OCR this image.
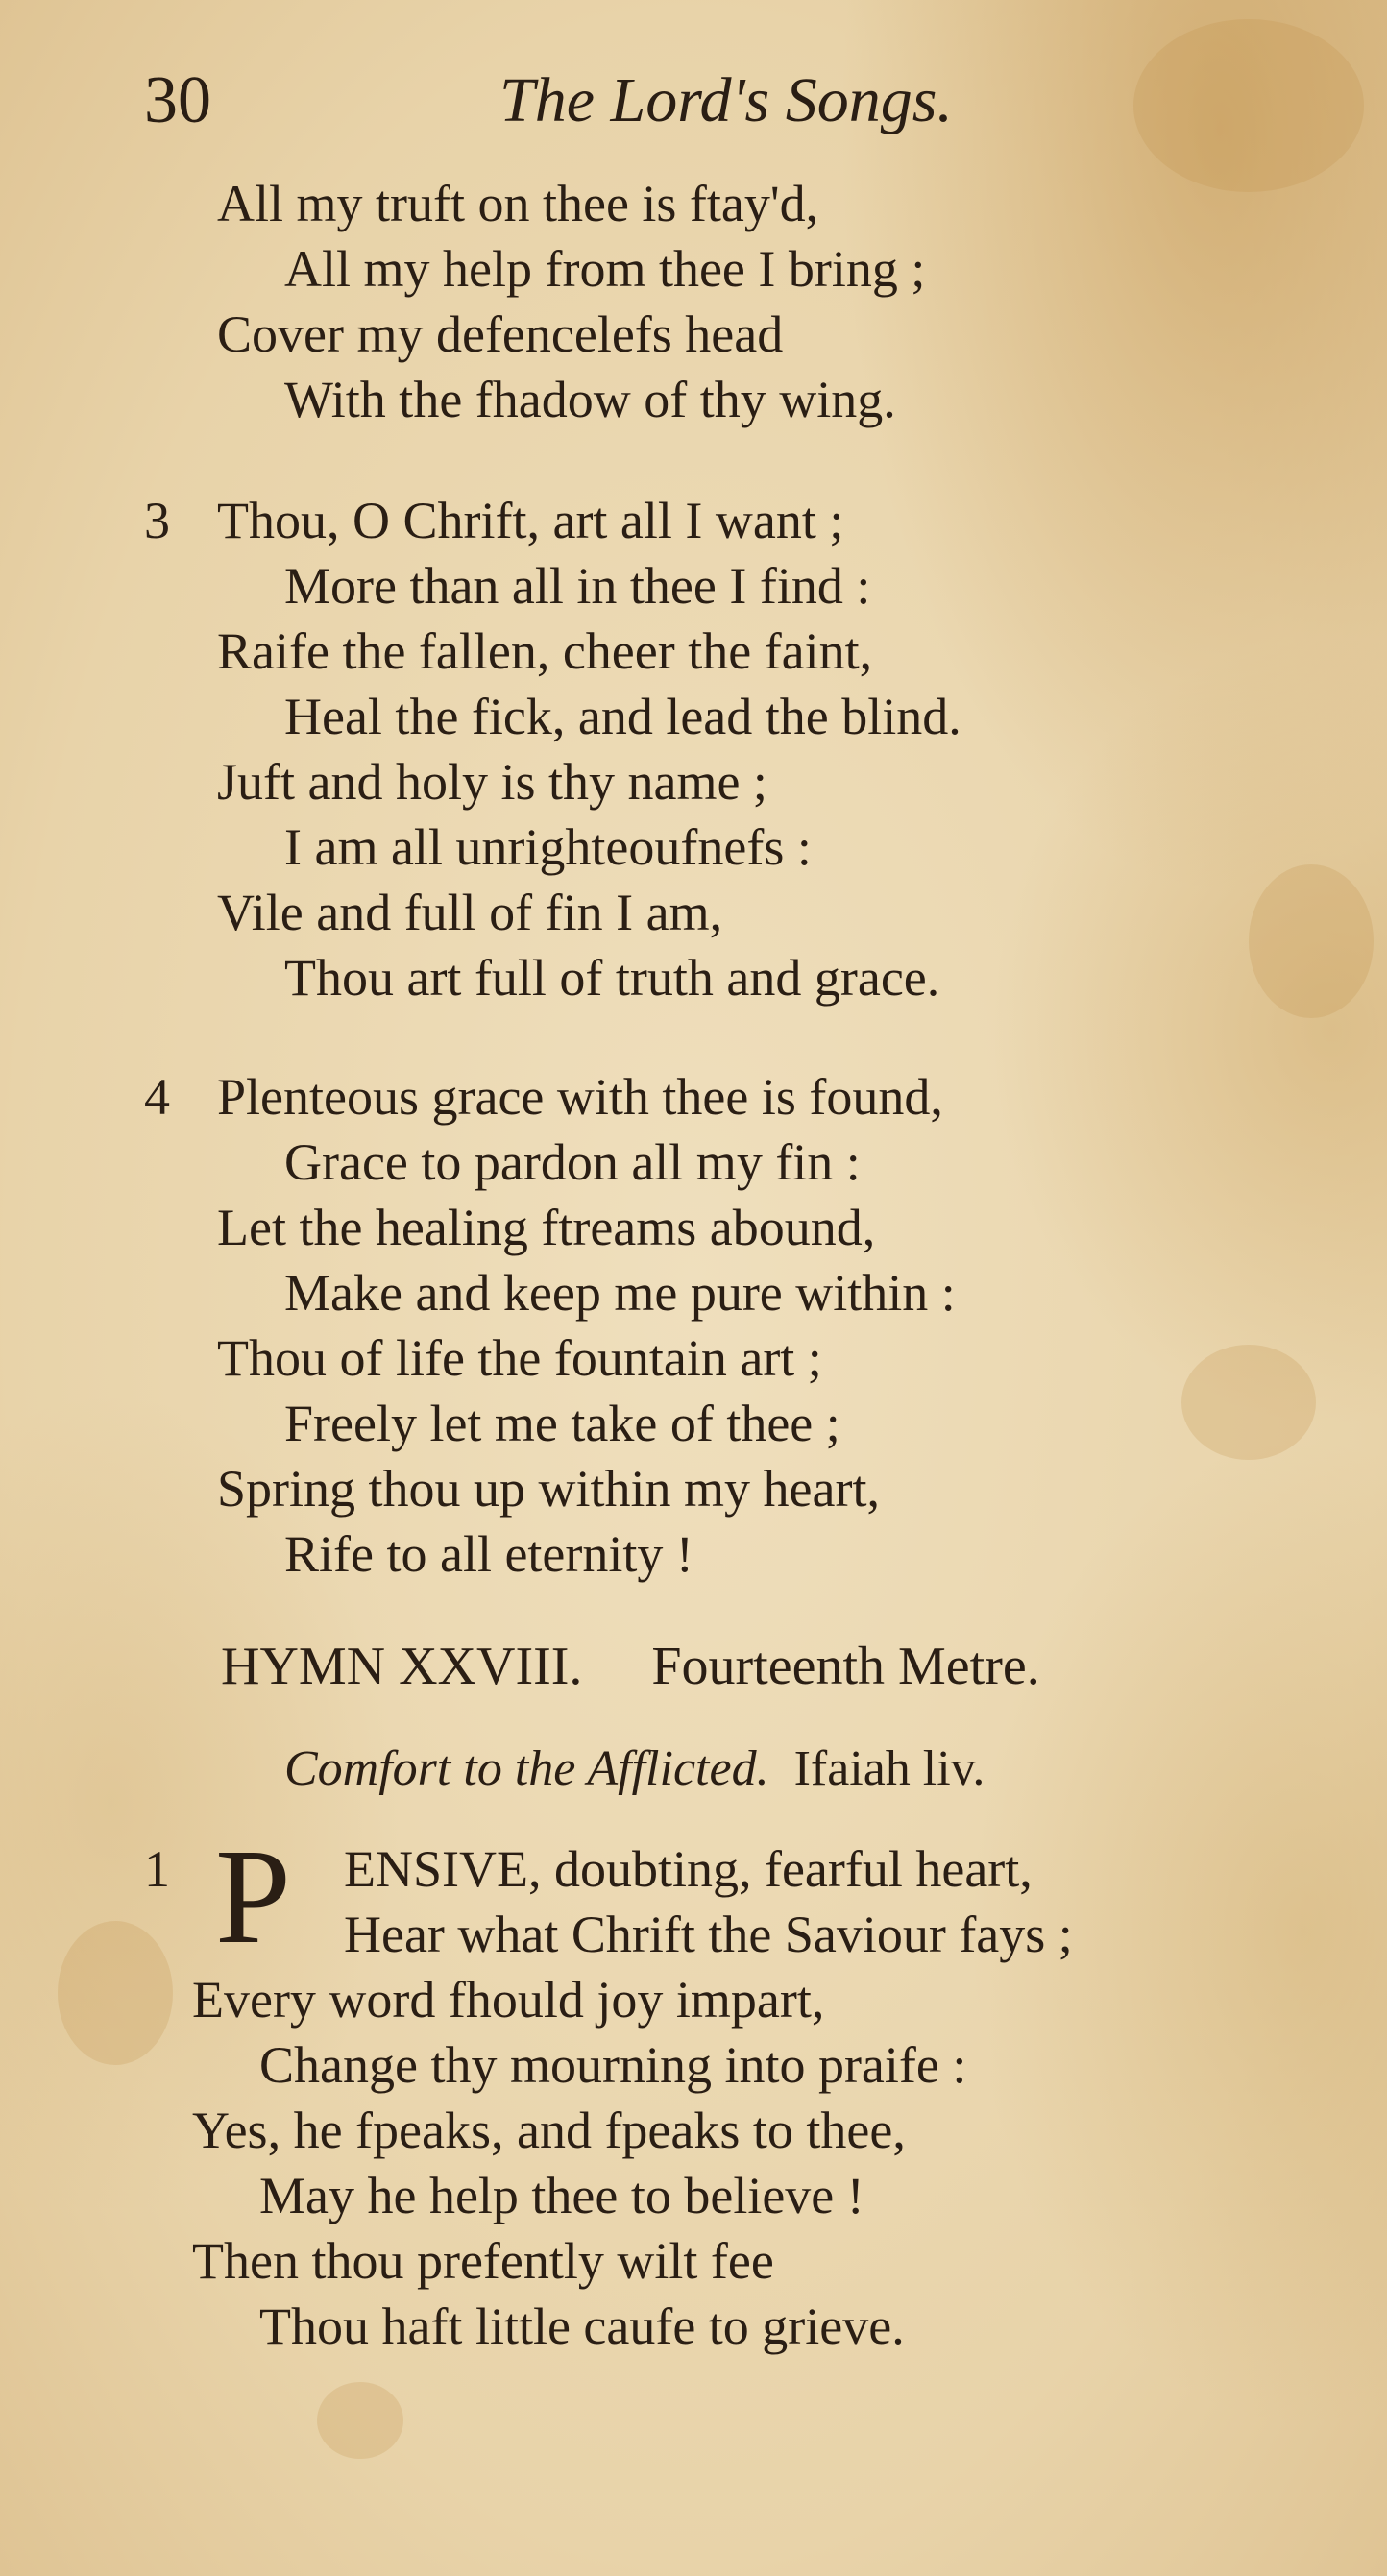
30	The Lord's Songs.
All my truft on thee is ftay'd,
All my help from thee I bring ;
Cover my defencelefs head
With the fhadow of thy wing.
3 Thou, O Chrift, art all I want ;
More than all in thee I find :
Raife the fallen, cheer the faint,
Heal the fick, and lead the blind.
Juft and holy is thy name ;
I am all unrighteoufnefs :
Vile and full of fin I am,
Thou art full of truth and grace.
4 Plenteous grace with thee is found,
Grace to pardon all my fin :
Let the healing ftreams abound,
Make and keep me pure within :
Thou of life the fountain art ;
Freely let me take of thee ;
Spring thou up within my heart,
Rife to all eternity !
HYMN XXVIII. Fourteenth Metre.
Comfort to the Afflicted. Ifaiah liv.
1 P ENSIVE, doubting, fearful heart,
Hear what Chrift the Saviour fays ;
Every word fhould joy impart,
Change thy mourning into praife :
Yes, he fpeaks, and fpeaks to thee,
May he help thee to believe !
Then thou prefently wilt fee
Thou haft little caufe to grieve.
